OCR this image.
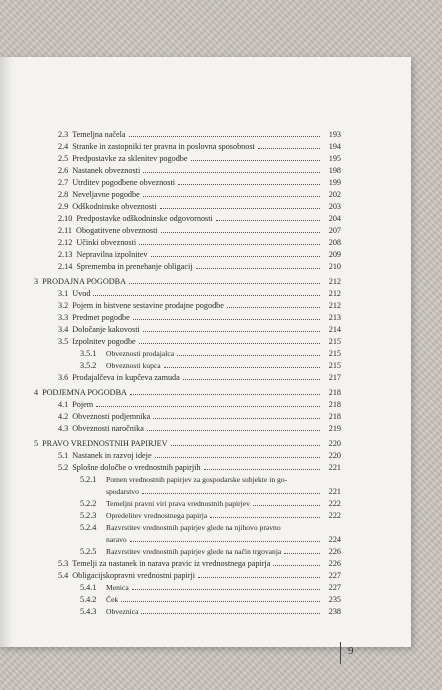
2.3 Temeljna načela	193
2.4 Stranke in zastopniki ter pravna in poslovna sposobnost	194
2.5 Predpostavke za sklenitev pogodbe	195
2.6 Nastanek obveznosti	198
2.7 Utrditev pogodbene obveznosti	199
2.8 Neveljavne pogodbe	202
2.9 Odškodninske obveznosti	203
2.10 Predpostavke odškodninske odgovornosti	204
2.11 Obogatitvene obveznosti	207
2.12 Učinki obveznosti	208
2.13 Nepravilna izpolnitev	209
2.14 Sprememba in prenehanje obligacij	210
3 PRODAJNA POGODBA	212
3.1 Uvod	212
3.2 Pojem in bistvene sestavine prodajne pogodbe	212
3.3 Predmet pogodbe	213
3.4 Določanje kakovosti	214
3.5 Izpolnitev pogodbe	215
3.5.1	Obveznosti prodajalca	215
3.5.2	Obveznosti kupca	215
3.6 Prodajalčeva in kupčeva zamuda	217
4 PODJEMNA POGODBA	218
4.1 Pojem	218
4.2 Obveznosti podjemnika	218
4.3 Obveznosti naročnika	219
5 PRAVO VREDNOSTNIH PAPIRJEV	220
5.1 Nastanek in razvoj ideje	220
5.2 Splošne določbe o vrednostnih papirjih	221
5.2.1	Pomen vrednostnih papirjev za gospodarske subjekte in go-
spodarstvo	221
5.2.2	Temeljni pravni viri prava vrednostnih papirjev	222
5.2.3	Opredelitev vrednostnega papirja	222
5.2.4	Razvrstitev vrednostnih papirjev glede na njihovo pravno
naravo	224
5.2.5	Razvrstitev vrednostnih papirjev glede na način trgovanja	226
5.3 Temelji za nastanek in narava pravic iz vrednostnega papirja	226
5.4 Obligacijskopravni vrednostni papirji	227
5.4.1	Menica	227
5.4.2	Ček	235
5.4.3	Obveznica	238
9
